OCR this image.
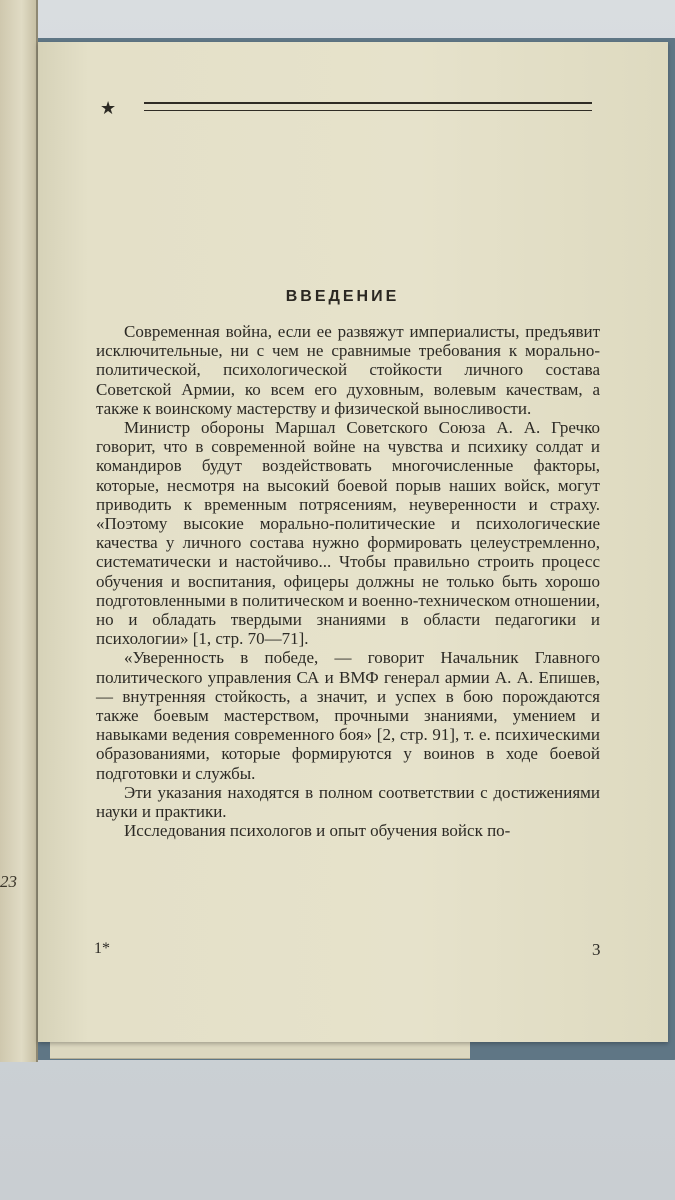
23
★
ВВЕДЕНИЕ

Современная война, если ее развяжут империалисты, предъявит исключительные, ни с чем не сравнимые требования к морально-политической, психологической стойкости личного состава Советской Армии, ко всем его духовным, волевым качествам, а также к воинскому мастерству и физической выносливости.

Министр обороны Маршал Советского Союза А. А. Гречко говорит, что в современной войне на чувства и психику солдат и командиров будут воздействовать многочисленные факторы, которые, несмотря на высокий боевой порыв наших войск, могут приводить к временным потрясениям, неуверенности и страху. «Поэтому высокие морально-политические и психологические качества у личного состава нужно формировать целеустремленно, систематически и настойчиво... Чтобы правильно строить процесс обучения и воспитания, офицеры должны не только быть хорошо подготовленными в политическом и военно-техническом отношении, но и обладать твердыми знаниями в области педагогики и психологии» [1, стр. 70—71].

«Уверенность в победе, — говорит Начальник Главного политического управления СА и ВМФ генерал армии А. А. Епишев, — внутренняя стойкость, а значит, и успех в бою порождаются также боевым мастерством, прочными знаниями, умением и навыками ведения современного боя» [2, стр. 91], т. е. психическими образованиями, которые формируются у воинов в ходе боевой подготовки и службы.

Эти указания находятся в полном соответствии с достижениями науки и практики.

Исследования психологов и опыт обучения войск по-

1*	3
